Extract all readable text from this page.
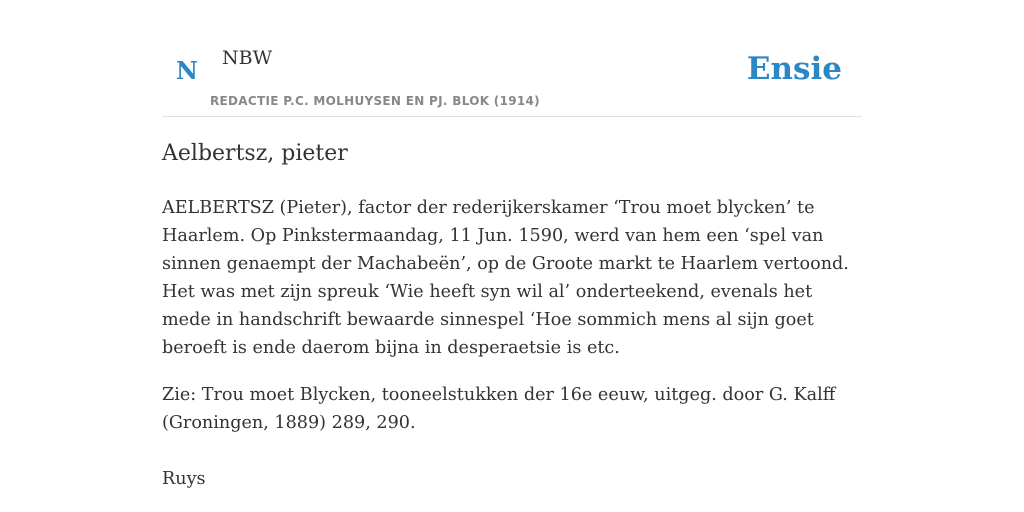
N NBW
REDACTIE P.C. MOLHUYSEN EN PJ. BLOK (1914)
Ensie
Aelbertsz, pieter

AELBERTSZ (Pieter), factor der rederijkerskamer ‘Trou moet blycken’ te Haarlem. Op Pinkstermaandag, 11 Jun. 1590, werd van hem een ‘spel van sinnen genaempt der Machabeën’, op de Groote markt te Haarlem vertoond. Het was met zijn spreuk ‘Wie heeft syn wil al’ onderteekend, evenals het mede in handschrift bewaarde sinnespel ‘Hoe sommich mens al sijn goet beroeft is ende daerom bijna in desperaetsie is etc.

Zie: Trou moet Blycken, tooneelstukken der 16e eeuw, uitgeg. door G. Kalff (Groningen, 1889) 289, 290.

Ruys
